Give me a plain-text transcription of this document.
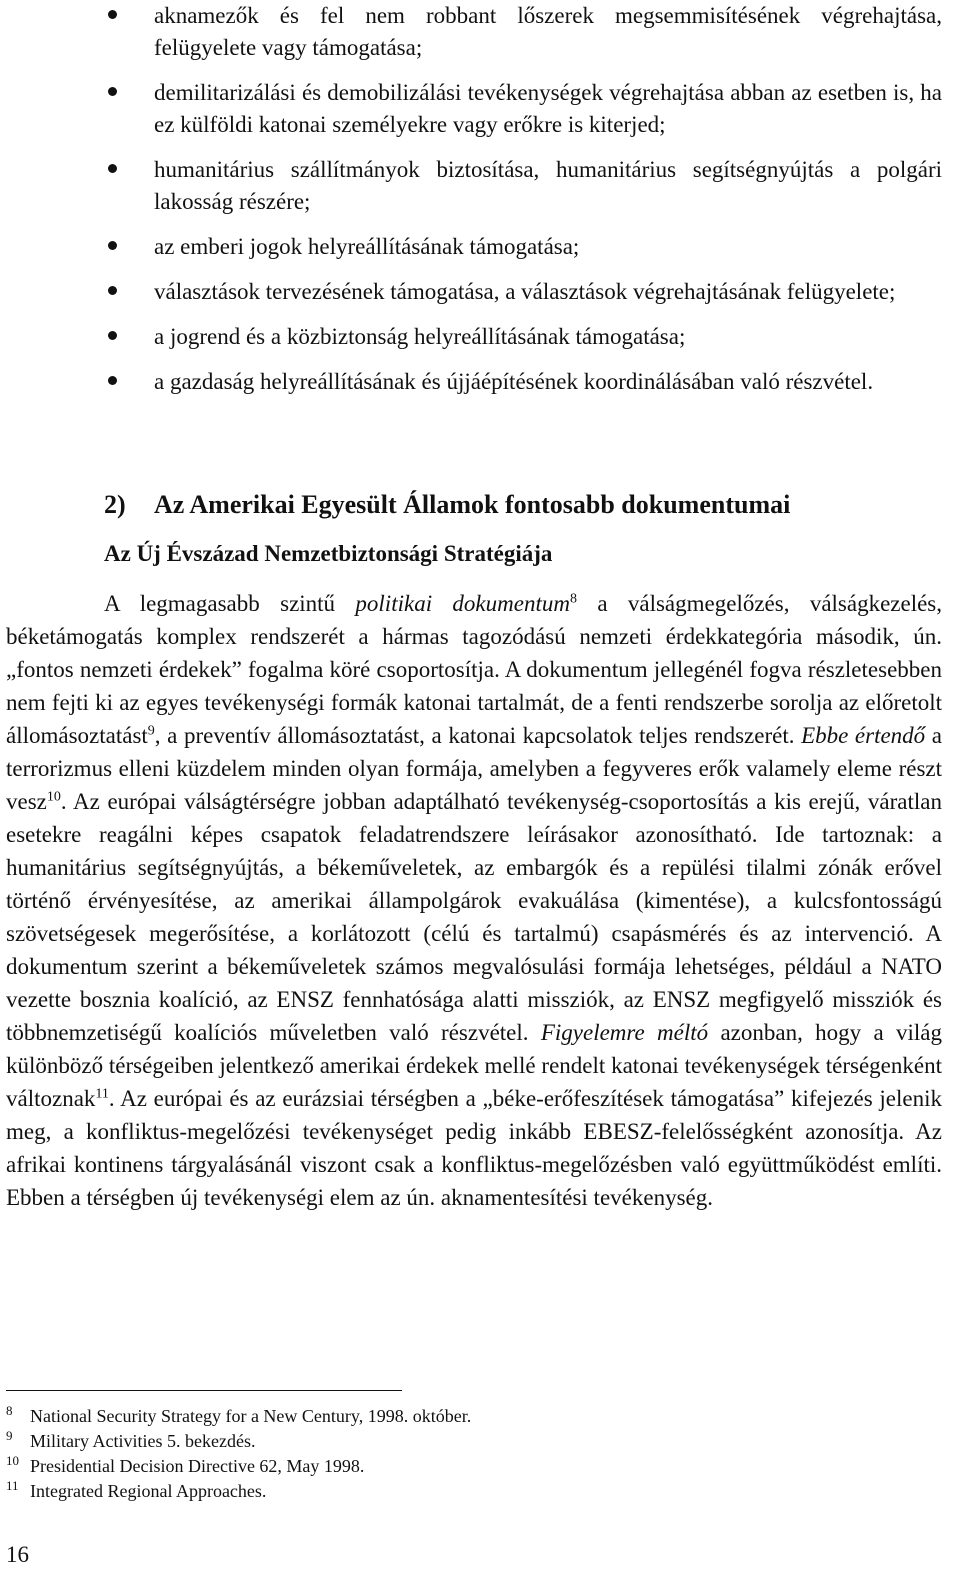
aknamezők és fel nem robbant lőszerek megsemmisítésének végrehajtása, felügyelete vagy támogatása;
demilitarizálási és demobilizálási tevékenységek végrehajtása abban az esetben is, ha ez külföldi katonai személyekre vagy erőkre is kiterjed;
humanitárius szállítmányok biztosítása, humanitárius segítségnyújtás a polgári lakosság részére;
az emberi jogok helyreállításának támogatása;
választások tervezésének támogatása, a választások végrehajtásának felügyelete;
a jogrend és a közbiztonság helyreállításának támogatása;
a gazdaság helyreállításának és újjáépítésének koordinálásában való részvétel.
2) Az Amerikai Egyesült Államok fontosabb dokumentumai
Az Új Évszázad Nemzetbiztonsági Stratégiája

A legmagasabb szintű politikai dokumentum$^8$ a válságmegelőzés, válságkezelés, béketámogatás komplex rendszerét a hármas tagozódású nemzeti érdekkategória második, ún. „fontos nemzeti érdekek” fogalma köré csoportosítja. A dokumentum jellegénél fogva részletesebben nem fejti ki az egyes tevékenységi formák katonai tartalmát, de a fenti rendszerbe sorolja az előretolt állomásoztatást$^9$, a preventív állomásoztatást, a katonai kapcsolatok teljes rendszerét. Ebbe értendő a terrorizmus elleni küzdelem minden olyan formája, amelyben a fegyveres erők valamely eleme részt vesz$^{10}$. Az európai válságtérségre jobban adaptálható tevékenység-csoportosítás a kis erejű, váratlan esetekre reagálni képes csapatok feladatrendszere leírásakor azonosítható. Ide tartoznak: a humanitárius segítségnyújtás, a békeműveletek, az embargók és a repülési tilalmi zónák erővel történő érvényesítése, az amerikai állampolgárok evakuálása (kimentése), a kulcsfontosságú szövetségesek megerősítése, a korlátozott (célú és tartalmú) csapásmérés és az intervenció. A dokumentum szerint a békeműveletek számos megvalósulási formája lehetséges, például a NATO vezette bosznia koalíció, az ENSZ fennhatósága alatti missziók, az ENSZ megfigyelő missziók és többnemzetiségű koalíciós műveletben való részvétel. Figyelemre méltó azonban, hogy a világ különböző térségeiben jelentkező amerikai érdekek mellé rendelt katonai tevékenységek térségenként változnak$^{11}$. Az európai és az eurázsiai térségben a „béke-erőfeszítések támogatása” kifejezés jelenik meg, a konfliktus-megelőzési tevékenységet pedig inkább EBESZ-felelősségként azonosítja. Az afrikai kontinens tárgyalásánál viszont csak a konfliktus-megelőzésben való együttműködést említi. Ebben a térségben új tevékenységi elem az ún. aknamentesítési tevékenység.

8 National Security Strategy for a New Century, 1998. október.
9 Military Activities 5. bekezdés.
10 Presidential Decision Directive 62, May 1998.
11 Integrated Regional Approaches.
16
